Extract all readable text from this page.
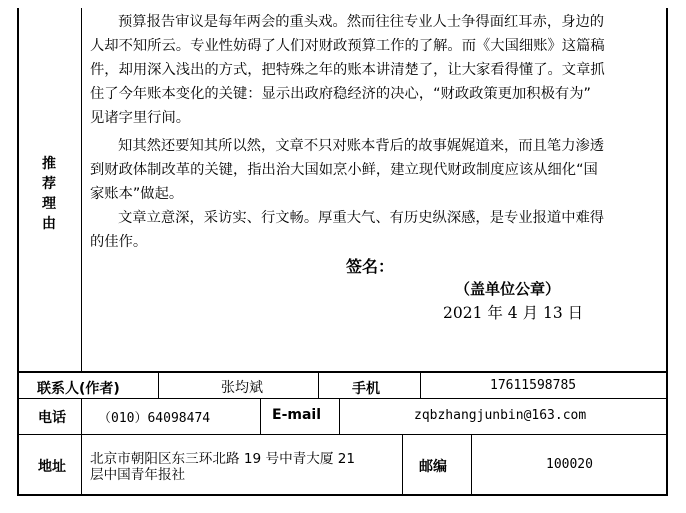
推
荐
理
由
预算报告审议是每年两会的重头戏。然而往往专业人士争得面红耳赤，身边的
人却不知所云。专业性妨碍了人们对财政预算工作的了解。而《大国细账》这篇稿
件，却用深入浅出的方式，把特殊之年的账本讲清楚了，让大家看得懂了。文章抓
住了今年账本变化的关键：显示出政府稳经济的决心，“财政政策更加积极有为”
见诸字里行间。
知其然还要知其所以然，文章不只对账本背后的故事娓娓道来，而且笔力渗透
到财政体制改革的关键，指出治大国如烹小鲜，建立现代财政制度应该从细化“国
家账本”做起。
文章立意深，采访实、行文畅。厚重大气、有历史纵深感，是专业报道中难得
的佳作。
签名：
（盖单位公章）
2021 年 4 月 13 日
联系人(作者)	张均斌	手机	17611598785
电话 （010）64098474	E-mail	zqbzhangjunbin@163.com
地址 北京市朝阳区东三环北路 19 号中青大厦 21
层中国青年报社	邮编	100020
